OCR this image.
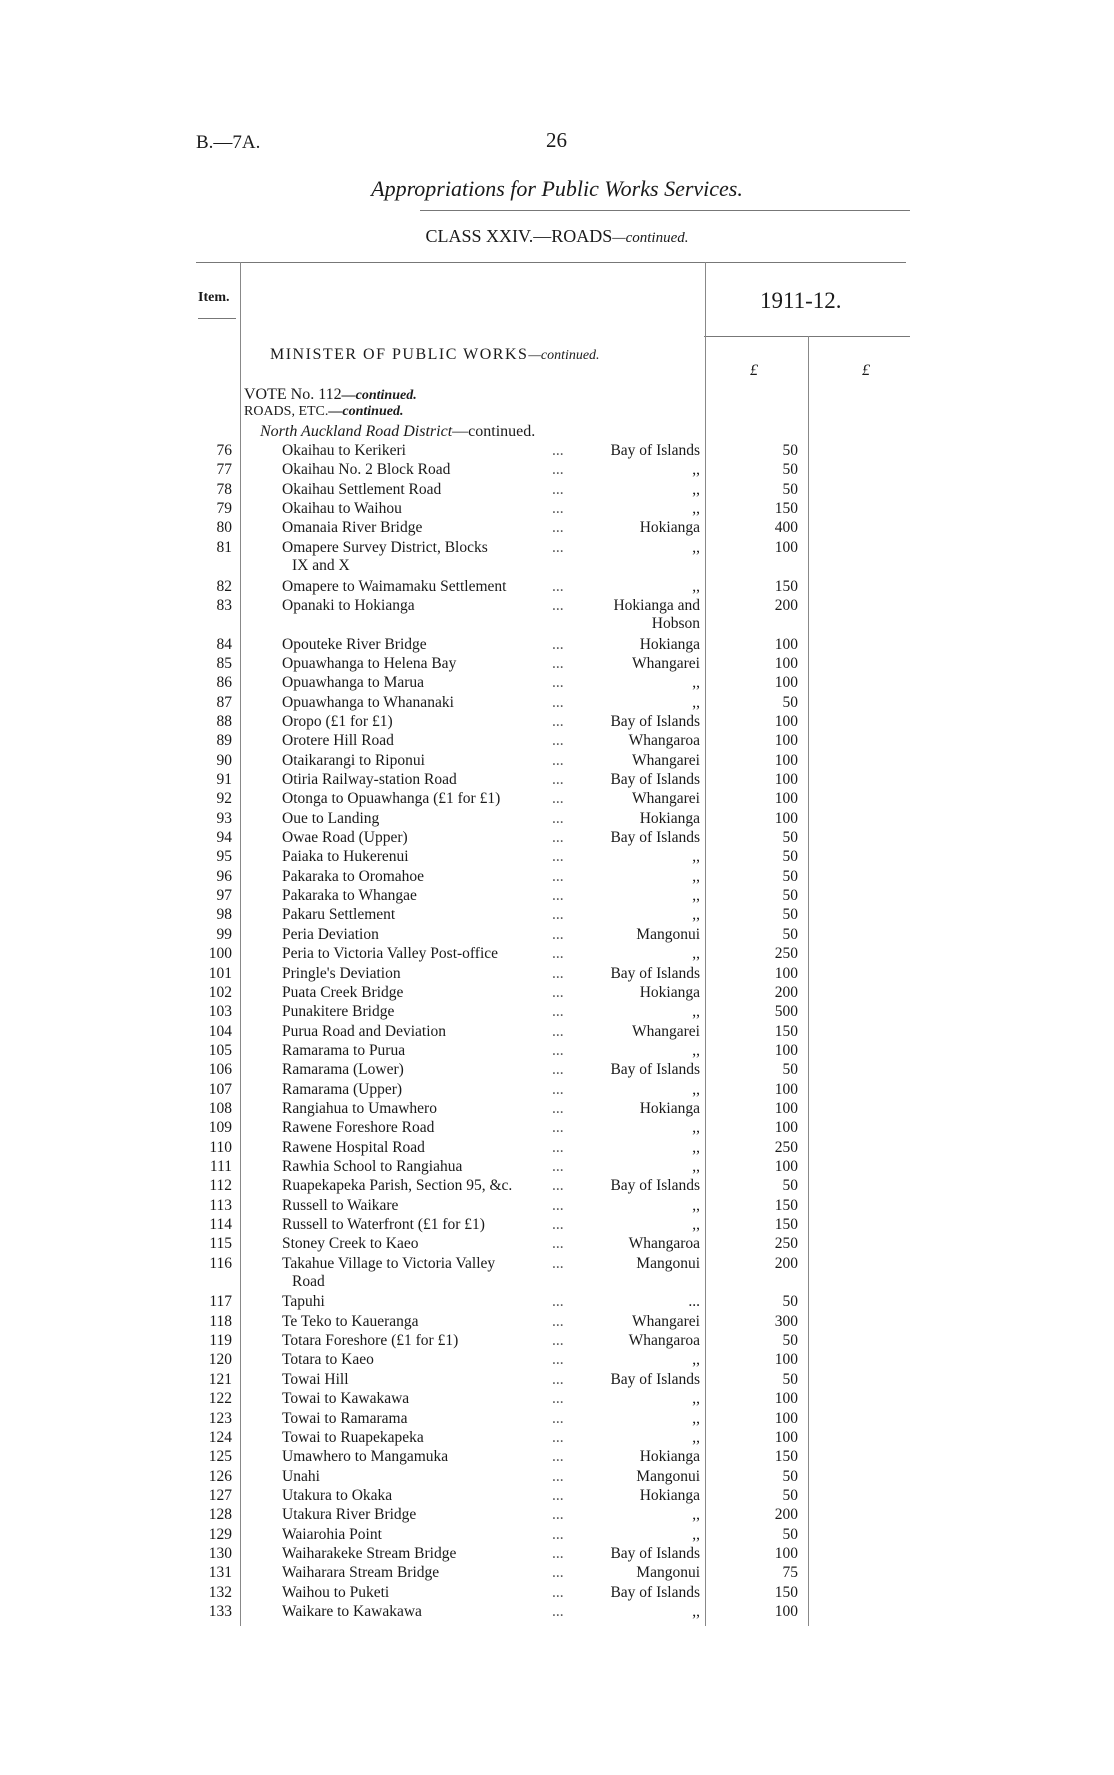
B.—7A.	26
Appropriations for Public Works Services.
CLASS XXIV.—ROADS—continued.
Item.	1911-12.
MINISTER OF PUBLIC WORKS—continued.
£	£
VOTE No. 112—continued.
ROADS, ETC.—continued.
North Auckland Road District—continued.
76	Okaihau to Kerikeri	...	Bay of Islands	50
77	Okaihau No. 2 Block Road	...	,,	50
78	Okaihau Settlement Road	...	,,	50
79	Okaihau to Waihou	...	,,	150
80	Omanaia River Bridge	...	Hokianga	400
81	Omapere Survey District, Blocks	...	,,	100
IX and X
82	Omapere to Waimamaku Settlement	...	,,	150
83	Opanaki to Hokianga	...	Hokianga and	200
Hobson
84	Opouteke River Bridge	...	Hokianga	100
85	Opuawhanga to Helena Bay	...	Whangarei	100
86	Opuawhanga to Marua	...	,,	100
87	Opuawhanga to Whananaki	...	,,	50
88	Oropo (£1 for £1)	...	Bay of Islands	100
89	Orotere Hill Road	...	Whangaroa	100
90	Otaikarangi to Riponui	...	Whangarei	100
91	Otiria Railway-station Road	...	Bay of Islands	100
92	Otonga to Opuawhanga (£1 for £1)	...	Whangarei	100
93	Oue to Landing	...	Hokianga	100
94	Owae Road (Upper)	...	Bay of Islands	50
95	Paiaka to Hukerenui	...	,,	50
96	Pakaraka to Oromahoe	...	,,	50
97	Pakaraka to Whangae	...	,,	50
98	Pakaru Settlement	...	,,	50
99	Peria Deviation	...	Mangonui	50
100	Peria to Victoria Valley Post-office	...	,,	250
101	Pringle's Deviation	...	Bay of Islands	100
102	Puata Creek Bridge	...	Hokianga	200
103	Punakitere Bridge	...	,,	500
104	Purua Road and Deviation	...	Whangarei	150
105	Ramarama to Purua	...	,,	100
106	Ramarama (Lower)	...	Bay of Islands	50
107	Ramarama (Upper)	...	,,	100
108	Rangiahua to Umawhero	...	Hokianga	100
109	Rawene Foreshore Road	...	,,	100
110	Rawene Hospital Road	...	,,	250
111	Rawhia School to Rangiahua	...	,,	100
112	Ruapekapeka Parish, Section 95, &c.	...	Bay of Islands	50
113	Russell to Waikare	...	,,	150
114	Russell to Waterfront (£1 for £1)	...	,,	150
115	Stoney Creek to Kaeo	...	Whangaroa	250
116	Takahue Village to Victoria Valley	...	Mangonui	200
Road
117	Tapuhi	...	...	50
118	Te Teko to Kaueranga	...	Whangarei	300
119	Totara Foreshore (£1 for £1)	...	Whangaroa	50
120	Totara to Kaeo	...	,,	100
121	Towai Hill	...	Bay of Islands	50
122	Towai to Kawakawa	...	,,	100
123	Towai to Ramarama	...	,,	100
124	Towai to Ruapekapeka	...	,,	100
125	Umawhero to Mangamuka	...	Hokianga	150
126	Unahi	...	Mangonui	50
127	Utakura to Okaka	...	Hokianga	50
128	Utakura River Bridge	...	,,	200
129	Waiarohia Point	...	,,	50
130	Waiharakeke Stream Bridge	...	Bay of Islands	100
131	Waiharara Stream Bridge	...	Mangonui	75
132	Waihou to Puketi	...	Bay of Islands	150
133	Waikare to Kawakawa	...	,,	100
